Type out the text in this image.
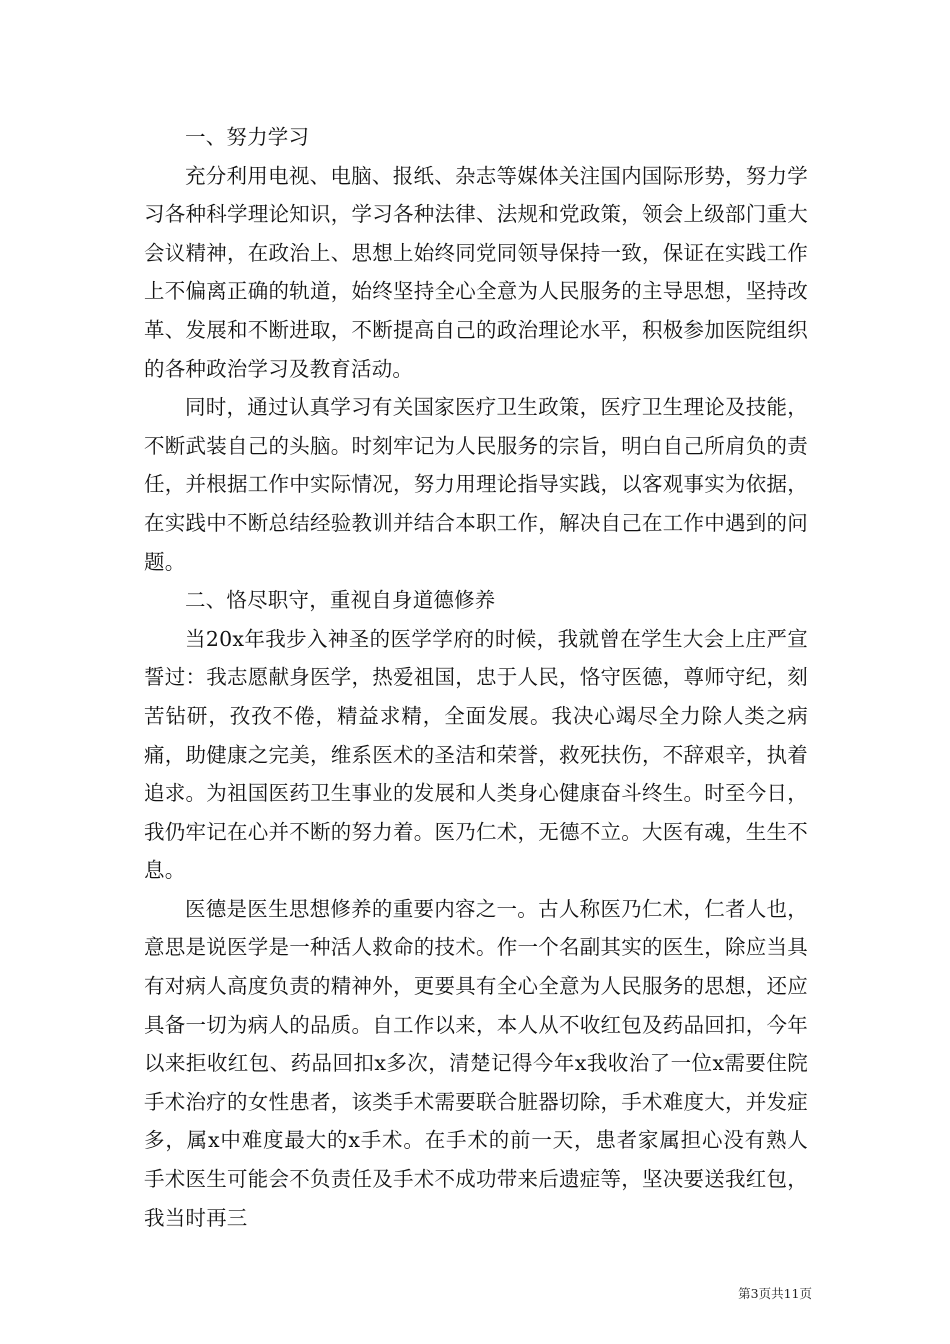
一、努力学习

充分利用电视、电脑、报纸、杂志等媒体关注国内国际形势，努力学习各种科学理论知识，学习各种法律、法规和党政策，领会上级部门重大会议精神，在政治上、思想上始终同党同领导保持一致，保证在实践工作上不偏离正确的轨道，始终坚持全心全意为人民服务的主导思想，坚持改革、发展和不断进取，不断提高自己的政治理论水平，积极参加医院组织的各种政治学习及教育活动。

同时，通过认真学习有关国家医疗卫生政策，医疗卫生理论及技能，不断武装自己的头脑。时刻牢记为人民服务的宗旨，明白自己所肩负的责任，并根据工作中实际情况，努力用理论指导实践，以客观事实为依据，在实践中不断总结经验教训并结合本职工作，解决自己在工作中遇到的问题。

二、恪尽职守，重视自身道德修养

当20x年我步入神圣的医学学府的时候，我就曾在学生大会上庄严宣誓过：我志愿献身医学，热爱祖国，忠于人民，恪守医德，尊师守纪，刻苦钻研，孜孜不倦，精益求精，全面发展。我决心竭尽全力除人类之病痛，助健康之完美，维系医术的圣洁和荣誉，救死扶伤，不辞艰辛，执着追求。为祖国医药卫生事业的发展和人类身心健康奋斗终生。时至今日，我仍牢记在心并不断的努力着。医乃仁术，无德不立。大医有魂，生生不息。

医德是医生思想修养的重要内容之一。古人称医乃仁术，仁者人也，意思是说医学是一种活人救命的技术。作一个名副其实的医生，除应当具有对病人高度负责的精神外，更要具有全心全意为人民服务的思想，还应具备一切为病人的品质。自工作以来，本人从不收红包及药品回扣，今年以来拒收红包、药品回扣x多次，清楚记得今年x我收治了一位x需要住院手术治疗的女性患者，该类手术需要联合脏器切除，手术难度大，并发症多，属x中难度最大的x手术。在手术的前一天，患者家属担心没有熟人手术医生可能会不负责任及手术不成功带来后遗症等，坚决要送我红包，我当时再三

第3页共11页
